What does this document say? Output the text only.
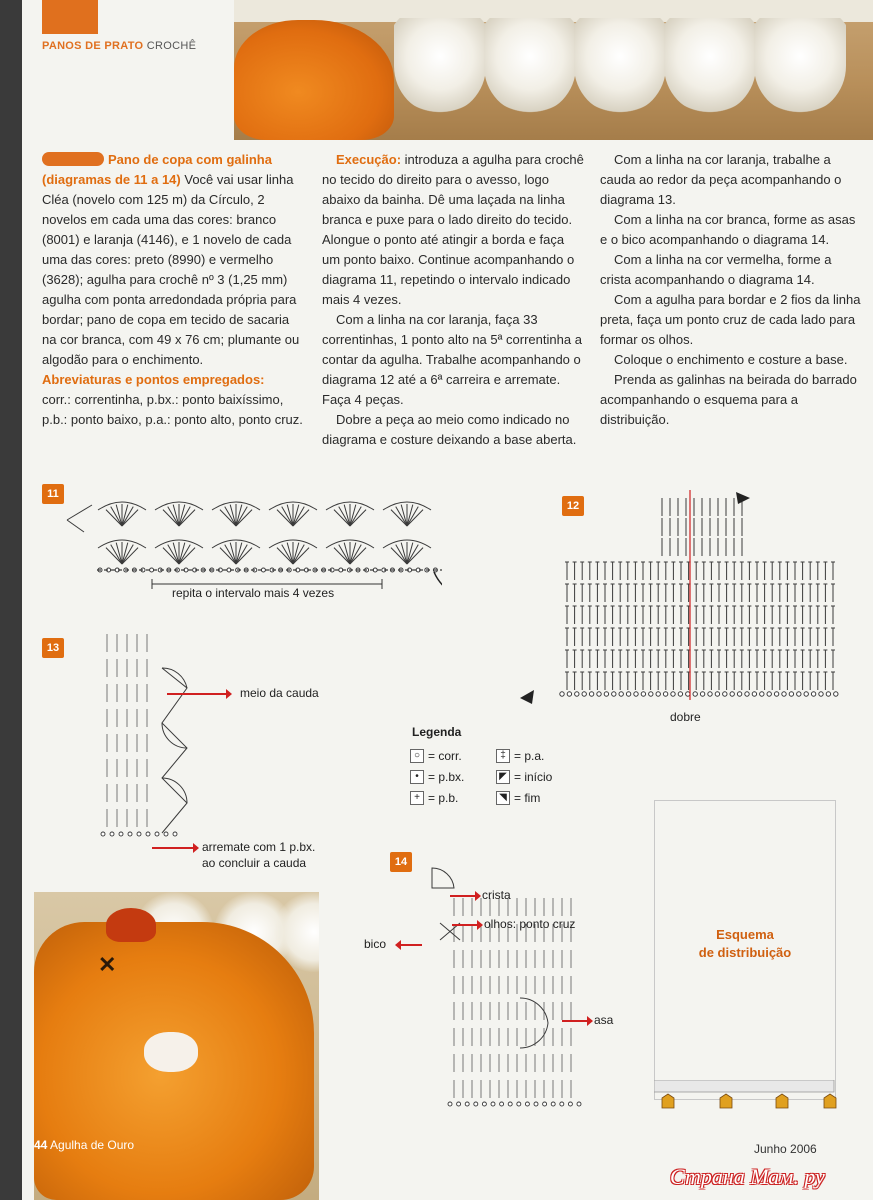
PANOS DE PRATO CROCHÊ

Pano de copa com galinha (diagramas de 11 a 14) Você vai usar linha Cléa (novelo com 125 m) da Círculo, 2 novelos em cada uma das cores: branco (8001) e laranja (4146), e 1 novelo de cada uma das cores: preto (8990) e vermelho (3628); agulha para crochê nº 3 (1,25 mm) agulha com ponta arredondada própria para bordar; pano de copa em tecido de sacaria na cor branca, com 49 x 76 cm; plumante ou algodão para o enchimento.

Abreviaturas e pontos empregados:

corr.: correntinha, p.bx.: ponto baixíssimo, p.b.: ponto baixo, p.a.: ponto alto, ponto cruz.

Execução: introduza a agulha para crochê no tecido do direito para o avesso, logo abaixo da bainha. Dê uma laçada na linha branca e puxe para o lado direito do tecido. Alongue o ponto até atingir a borda e faça um ponto baixo. Continue acompanhando o diagrama 11, repetindo o intervalo indicado mais 4 vezes.

Com a linha na cor laranja, faça 33 correntinhas, 1 ponto alto na 5ª correntinha a contar da agulha. Trabalhe acompanhando o diagrama 12 até a 6ª carreira e arremate. Faça 4 peças.

Dobre a peça ao meio como indicado no diagrama e costure deixando a base aberta.

Com a linha na cor laranja, trabalhe a cauda ao redor da peça acompanhando o diagrama 13.

Com a linha na cor branca, forme as asas e o bico acompanhando o diagrama 14.

Com a linha na cor vermelha, forme a crista acompanhando o diagrama 14.

Com a agulha para bordar e 2 fios da linha preta, faça um ponto cruz de cada lado para formar os olhos.

Coloque o enchimento e costure a base.

Prenda as galinhas na beirada do barrado acompanhando o esquema para a distribuição.

11
repita o intervalo mais 4 vezes
12
dobre
13
meio da cauda
arremate com 1 p.bx.
ao concluir a cauda
Legenda
○ = corr.	‡ = p.a.
• = p.bx.	◤ = início
+ = p.b.	◥ = fim
14
crista
olhos: ponto cruz
bico
asa
Esquema
de distribuição
✕
44 Agulha de Ouro	Junho 2006
Страна Мам. ру
